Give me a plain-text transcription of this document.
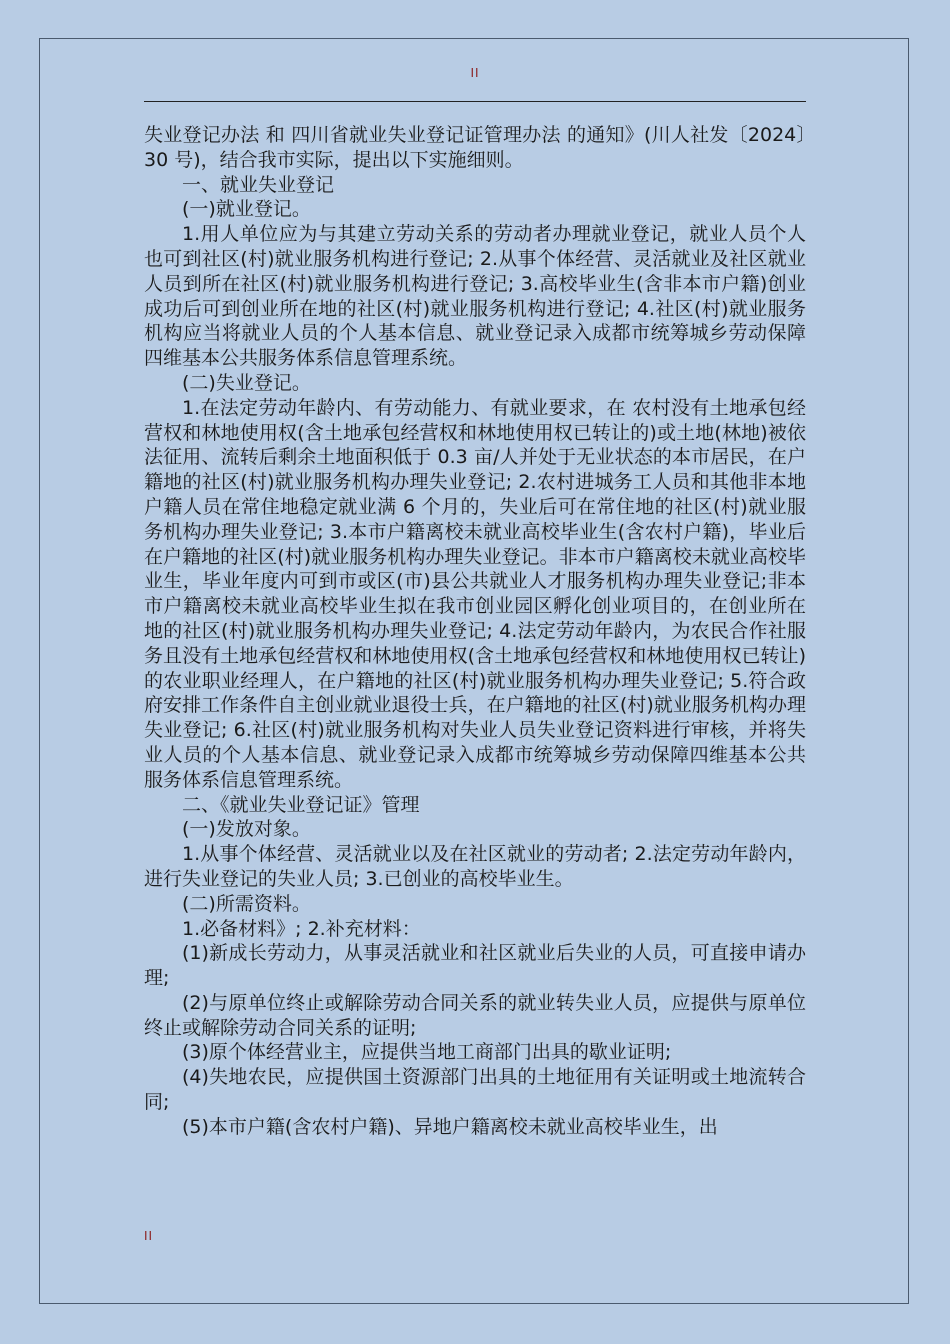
II

失业登记办法 和 四川省就业失业登记证管理办法 的通知》(川人社发〔2024〕30 号)，结合我市实际，提出以下实施细则。

一、就业失业登记

(一)就业登记。

1.用人单位应为与其建立劳动关系的劳动者办理就业登记，就业人员个人也可到社区(村)就业服务机构进行登记; 2.从事个体经营、灵活就业及社区就业人员到所在社区(村)就业服务机构进行登记; 3.高校毕业生(含非本市户籍)创业成功后可到创业所在地的社区(村)就业服务机构进行登记; 4.社区(村)就业服务机构应当将就业人员的个人基本信息、就业登记录入成都市统筹城乡劳动保障四维基本公共服务体系信息管理系统。

(二)失业登记。

1.在法定劳动年龄内、有劳动能力、有就业要求，在 农村没有土地承包经营权和林地使用权(含土地承包经营权和林地使用权已转让的)或土地(林地)被依法征用、流转后剩余土地面积低于 0.3 亩/人并处于无业状态的本市居民，在户籍地的社区(村)就业服务机构办理失业登记; 2.农村进城务工人员和其他非本地户籍人员在常住地稳定就业满 6 个月的，失业后可在常住地的社区(村)就业服务机构办理失业登记; 3.本市户籍离校未就业高校毕业生(含农村户籍)，毕业后在户籍地的社区(村)就业服务机构办理失业登记。非本市户籍离校未就业高校毕业生，毕业年度内可到市或区(市)县公共就业人才服务机构办理失业登记;非本市户籍离校未就业高校毕业生拟在我市创业园区孵化创业项目的，在创业所在地的社区(村)就业服务机构办理失业登记; 4.法定劳动年龄内，为农民合作社服务且没有土地承包经营权和林地使用权(含土地承包经营权和林地使用权已转让)的农业职业经理人，在户籍地的社区(村)就业服务机构办理失业登记; 5.符合政府安排工作条件自主创业就业退役士兵，在户籍地的社区(村)就业服务机构办理失业登记; 6.社区(村)就业服务机构对失业人员失业登记资料进行审核，并将失业人员的个人基本信息、就业登记录入成都市统筹城乡劳动保障四维基本公共服务体系信息管理系统。

二、《就业失业登记证》管理

(一)发放对象。

1.从事个体经营、灵活就业以及在社区就业的劳动者; 2.法定劳动年龄内，进行失业登记的失业人员; 3.已创业的高校毕业生。

(二)所需资料。

1.必备材料》; 2.补充材料：

(1)新成长劳动力，从事灵活就业和社区就业后失业的人员，可直接申请办理;

(2)与原单位终止或解除劳动合同关系的就业转失业人员，应提供与原单位终止或解除劳动合同关系的证明;

(3)原个体经营业主，应提供当地工商部门出具的歇业证明;

(4)失地农民，应提供国土资源部门出具的土地征用有关证明或土地流转合同;

(5)本市户籍(含农村户籍)、异地户籍离校未就业高校毕业生，出

II
